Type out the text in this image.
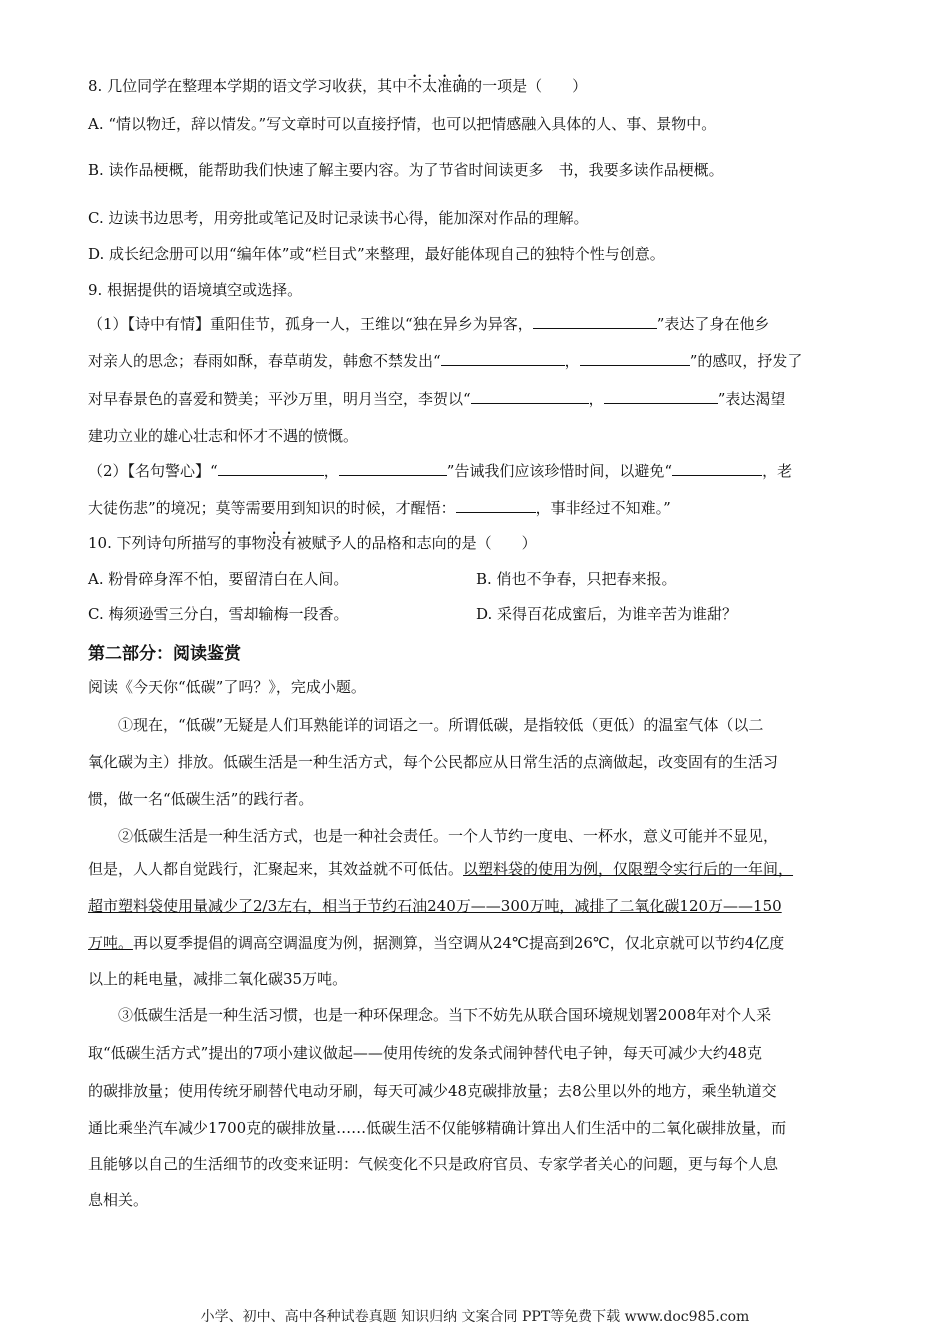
8. 几位同学在整理本学期的语文学习收获，其中不太准确的一项是（　　）
A. “情以物迁，辞以情发。”写文章时可以直接抒情，也可以把情感融入具体的人、事、景物中。
B. 读作品梗概，能帮助我们快速了解主要内容。为了节省时间读更多　书，我要多读作品梗概。
C. 边读书边思考，用旁批或笔记及时记录读书心得，能加深对作品的理解。
D. 成长纪念册可以用“编年体”或“栏目式”来整理，最好能体现自己的独特个性与创意。
9. 根据提供的语境填空或选择。
（1）【诗中有情】重阳佳节，孤身一人，王维以“独在异乡为异客，	”表达了身在他乡
对亲人的思念；春雨如酥，春草萌发，韩愈不禁发出“	，	”的感叹，抒发了
对早春景色的喜爱和赞美；平沙万里，明月当空，李贺以“	，	”表达渴望
建功立业的雄心壮志和怀才不遇的愤慨。
（2）【名句警心】“	，	”告诫我们应该珍惜时间，以避免“	，老
大徒伤悲”的境况；莫等需要用到知识的时候，才醒悟：	，事非经过不知难。”
10. 下列诗句所描写的事物没有被赋予人的品格和志向的是（　　）
A. 粉骨碎身浑不怕，要留清白在人间。	B. 俏也不争春，只把春来报。
C. 梅须逊雪三分白，雪却输梅一段香。	D. 采得百花成蜜后，为谁辛苦为谁甜？
第二部分：阅读鉴赏
阅读《今天你“低碳”了吗？》，完成小题。
①现在，“低碳”无疑是人们耳熟能详的词语之一。所谓低碳，是指较低（更低）的温室气体（以二
氧化碳为主）排放。低碳生活是一种生活方式，每个公民都应从日常生活的点滴做起，改变固有的生活习
惯，做一名“低碳生活”的践行者。
②低碳生活是一种生活方式，也是一种社会责任。一个人节约一度电、一杯水，意义可能并不显见，
但是，人人都自觉践行，汇聚起来，其效益就不可低估。以塑料袋的使用为例，仅限塑令实行后的一年间，
超市塑料袋使用量减少了2/3左右，相当于节约石油240万——300万吨，减排了二氧化碳120万——150
万吨。再以夏季提倡的调高空调温度为例，据测算，当空调从24℃提高到26℃，仅北京就可以节约4亿度
以上的耗电量，减排二氧化碳35万吨。
③低碳生活是一种生活习惯，也是一种环保理念。当下不妨先从联合国环境规划署2008年对个人采
取“低碳生活方式”提出的7项小建议做起——使用传统的发条式闹钟替代电子钟，每天可减少大约48克
的碳排放量；使用传统牙刷替代电动牙刷，每天可减少48克碳排放量；去8公里以外的地方，乘坐轨道交
通比乘坐汽车减少1700克的碳排放量……低碳生活不仅能够精确计算出人们生活中的二氧化碳排放量，而
且能够以自己的生活细节的改变来证明：气候变化不只是政府官员、专家学者关心的问题，更与每个人息
息相关。
小学、初中、高中各种试卷真题 知识归纳 文案合同 PPT等免费下载 www.doc985.com
